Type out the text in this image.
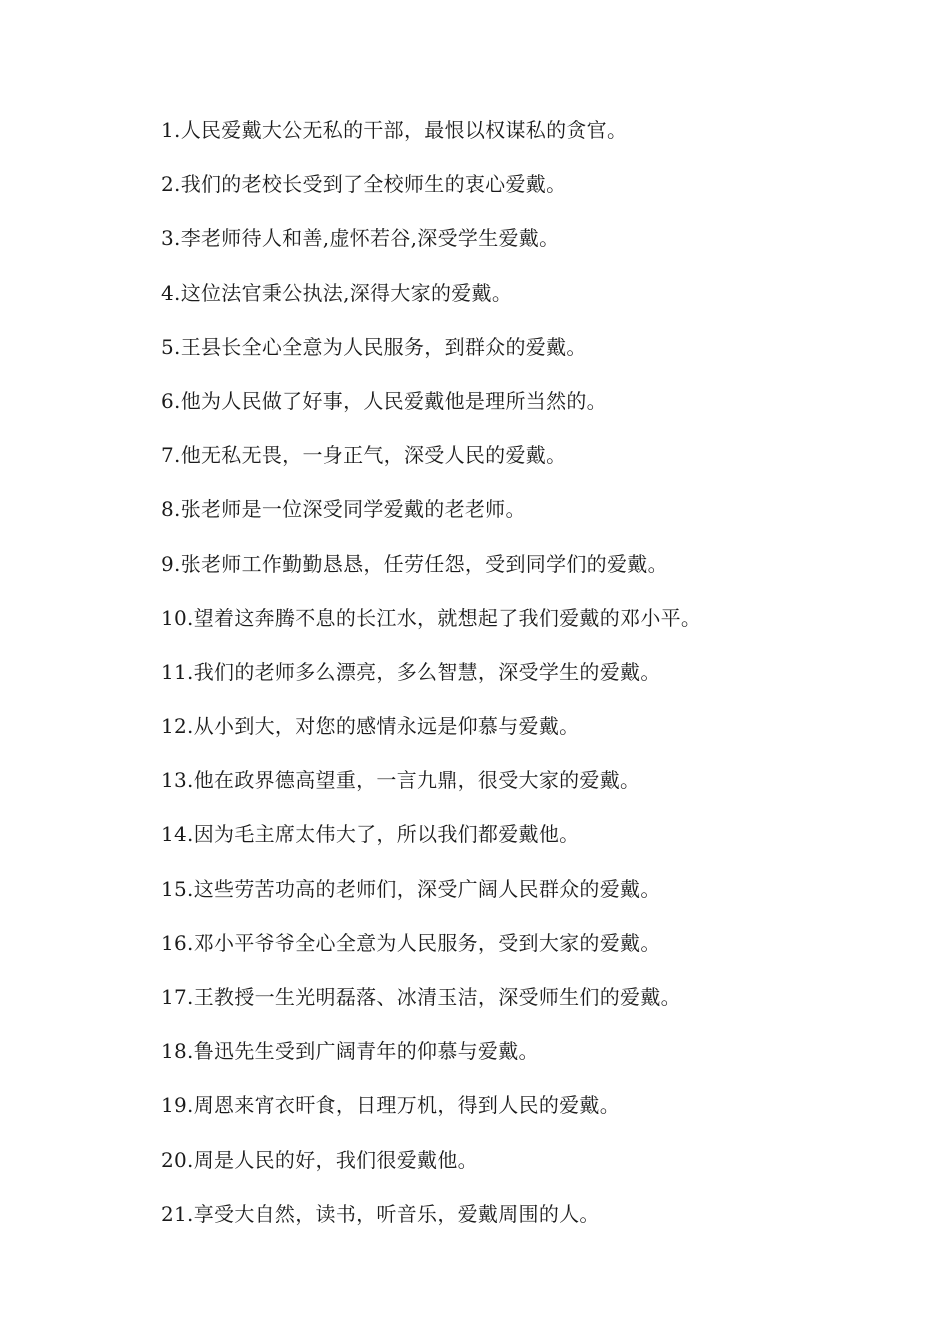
1.人民爱戴大公无私的干部，最恨以权谋私的贪官。
2.我们的老校长受到了全校师生的衷心爱戴。
3.李老师待人和善,虚怀若谷,深受学生爱戴。
4.这位法官秉公执法,深得大家的爱戴。
5.王县长全心全意为人民服务，到群众的爱戴。
6.他为人民做了好事，人民爱戴他是理所当然的。
7.他无私无畏，一身正气，深受人民的爱戴。
8.张老师是一位深受同学爱戴的老老师。
9.张老师工作勤勤恳恳，任劳任怨，受到同学们的爱戴。
10.望着这奔腾不息的长江水，就想起了我们爱戴的邓小平。
11.我们的老师多么漂亮，多么智慧，深受学生的爱戴。
12.从小到大，对您的感情永远是仰慕与爱戴。
13.他在政界德高望重，一言九鼎，很受大家的爱戴。
14.因为毛主席太伟大了，所以我们都爱戴他。
15.这些劳苦功高的老师们，深受广阔人民群众的爱戴。
16.邓小平爷爷全心全意为人民服务，受到大家的爱戴。
17.王教授一生光明磊落、冰清玉洁，深受师生们的爱戴。
18.鲁迅先生受到广阔青年的仰慕与爱戴。
19.周恩来宵衣旰食，日理万机，得到人民的爱戴。
20.周是人民的好，我们很爱戴他。
21.享受大自然，读书，听音乐，爱戴周围的人。
